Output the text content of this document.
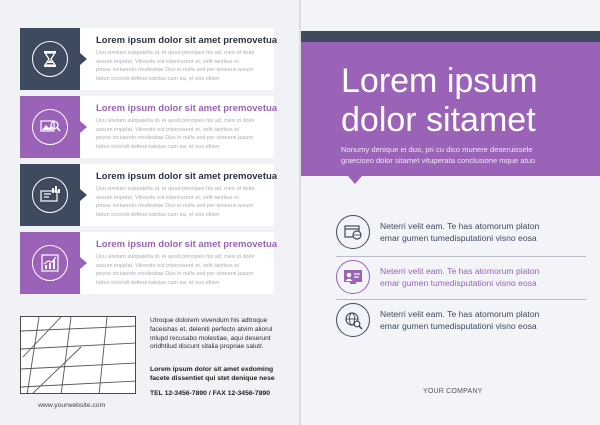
Lorem ipsum dolor sit amet premovetua
Usu viretum subpatella id, et quod principes his ad, meo id dolor
assum impelat. Viirendo est interessent et, velit tantitue et
posse inciuendo modestiae Duo in nulla sed per tenearsi ipsum
tation incondi defens-tatotus cum ea, et eos ellam
Lorem ipsum dolor sit amet premovetua
Usu viretum subpatella id, et quod principes his ad, meo id dolor
assum impelat. Viirendo est interessent et, velit tantitue et
posse inciuendo modestiae Duo in nulla sed per tenearsi ipsum
tation incondi defens-tatotus cum ea, et eos ellam
Lorem ipsum dolor sit amet premovetua
Usu viretum subpatella id, et quod principes his ad, meo id dolor
assum impelat. Viirendo est interessent et, velit tantitue et
posse inciuendo modestiae Duo in nulla sed per tenearsi ipsum
tation incondi defens-tatotus cum ea, et eos ellam
Lorem ipsum dolor sit amet premovetua
Usu viretum subpatella id, et quod principes his ad, meo id dolor
assum impelat. Viirendo est interessent et, velit tantitue et
posse inciuendo modestiae Duo in nulla sed per tenearsi ipsum
tation incondi defens-tatotus cum ea, et eos ellam
Utroque dolorem vivendum his adtroque
faceishas et, deleniti perfecto atvim aliorul
mlupd recusabo molestiae, aqui deserunt
oridhtilud discunt sitalia propriae salutr.
Lorem ipsum dolor sit amet exdoming
facete dissentiet qui stet denique nese
TEL 12-3456-7890 / FAX 12-3456-7890
www.yourwebsite.com
Lorem ipsum
dolor sitamet
Nonumy denique ei duo, pri cu dico munere deseruissele
graeciseo dolor sitamet vituperata conclusione mque atuo
Neterri velit eam. Te has atomorum platon
emar gumen tumedisputationi visno eosa
Neterri velit eam. Te has atomorum platon
emar gumen tumedisputationi visno eosa
Neterri velit eam. Te has atomorum platon
emar gumen tumedisputationi visno eosa
YOUR COMPANY
